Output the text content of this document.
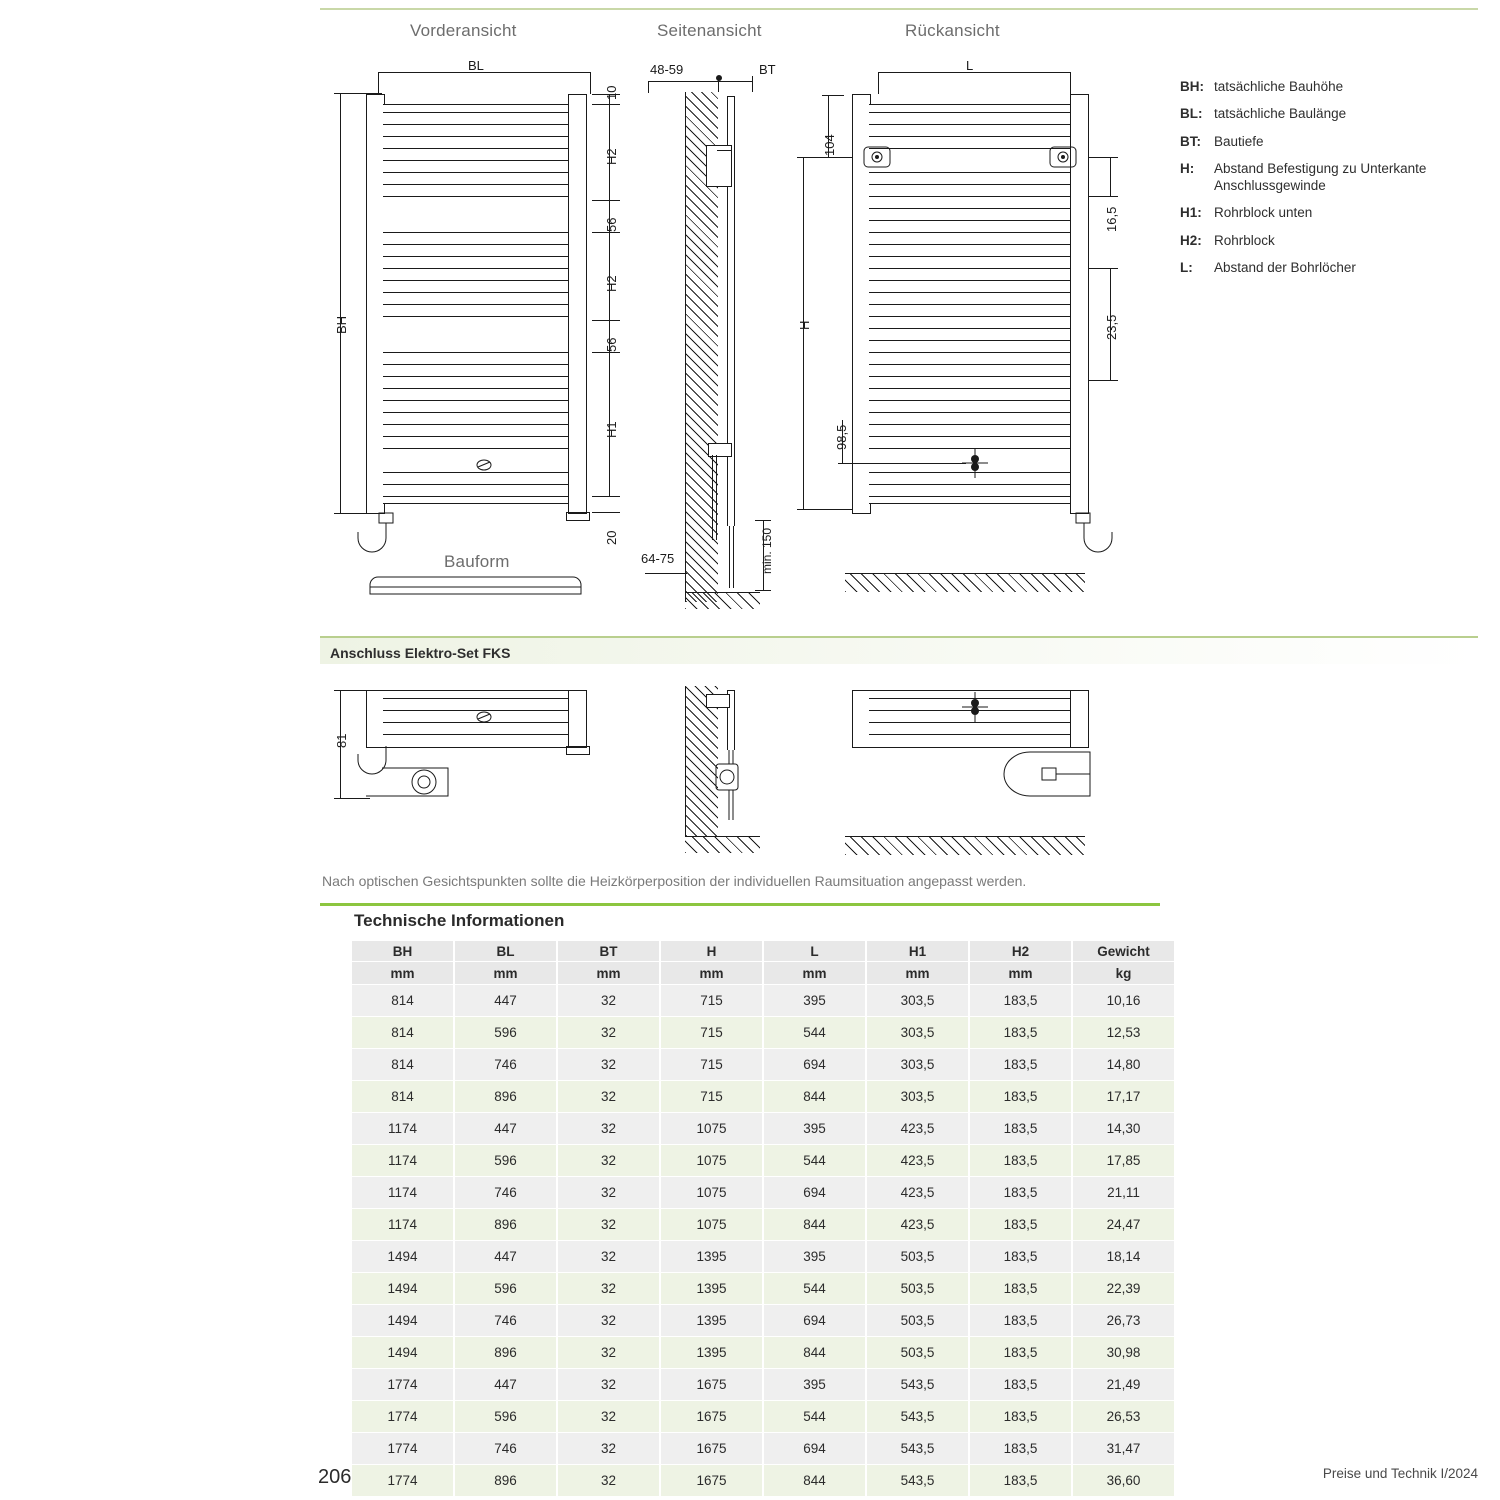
Vorderansicht	Seitenansicht	Rückansicht
BH: tatsächliche Bauhöhe
BL: tatsächliche Baulänge
BT: Bautiefe
H:	Abstand Befestigung zu Unterkante Anschlussgewinde
H1: Rohrblock unten
H2: Rohrblock
L:	Abstand der Bohrlöcher
BL
BH
10
H2
56
H2
56
H1
20
Bauform
48-59	BT
min. 150
64-75
L
104
H
16,5
23,5
98,5
Anschluss Elektro-Set FKS
81
Nach optischen Gesichtspunkten sollte die Heizkörperposition der individuellen Raumsituation angepasst werden.
Technische Informationen
BH	BL	BT	H	L	H1	H2	Gewicht
mm	mm	mm	mm	mm	mm	mm	kg
814	447	32	715	395	303,5	183,5	10,16
814	596	32	715	544	303,5	183,5	12,53
814	746	32	715	694	303,5	183,5	14,80
814	896	32	715	844	303,5	183,5	17,17
1174	447	32	1075	395	423,5	183,5	14,30
1174	596	32	1075	544	423,5	183,5	17,85
1174	746	32	1075	694	423,5	183,5	21,11
1174	896	32	1075	844	423,5	183,5	24,47
1494	447	32	1395	395	503,5	183,5	18,14
1494	596	32	1395	544	503,5	183,5	22,39
1494	746	32	1395	694	503,5	183,5	26,73
1494	896	32	1395	844	503,5	183,5	30,98
1774	447	32	1675	395	543,5	183,5	21,49
1774	596	32	1675	544	543,5	183,5	26,53
1774	746	32	1675	694	543,5	183,5	31,47
1774	896	32	1675	844	543,5	183,5	36,60
206	Preise und Technik I/2024
